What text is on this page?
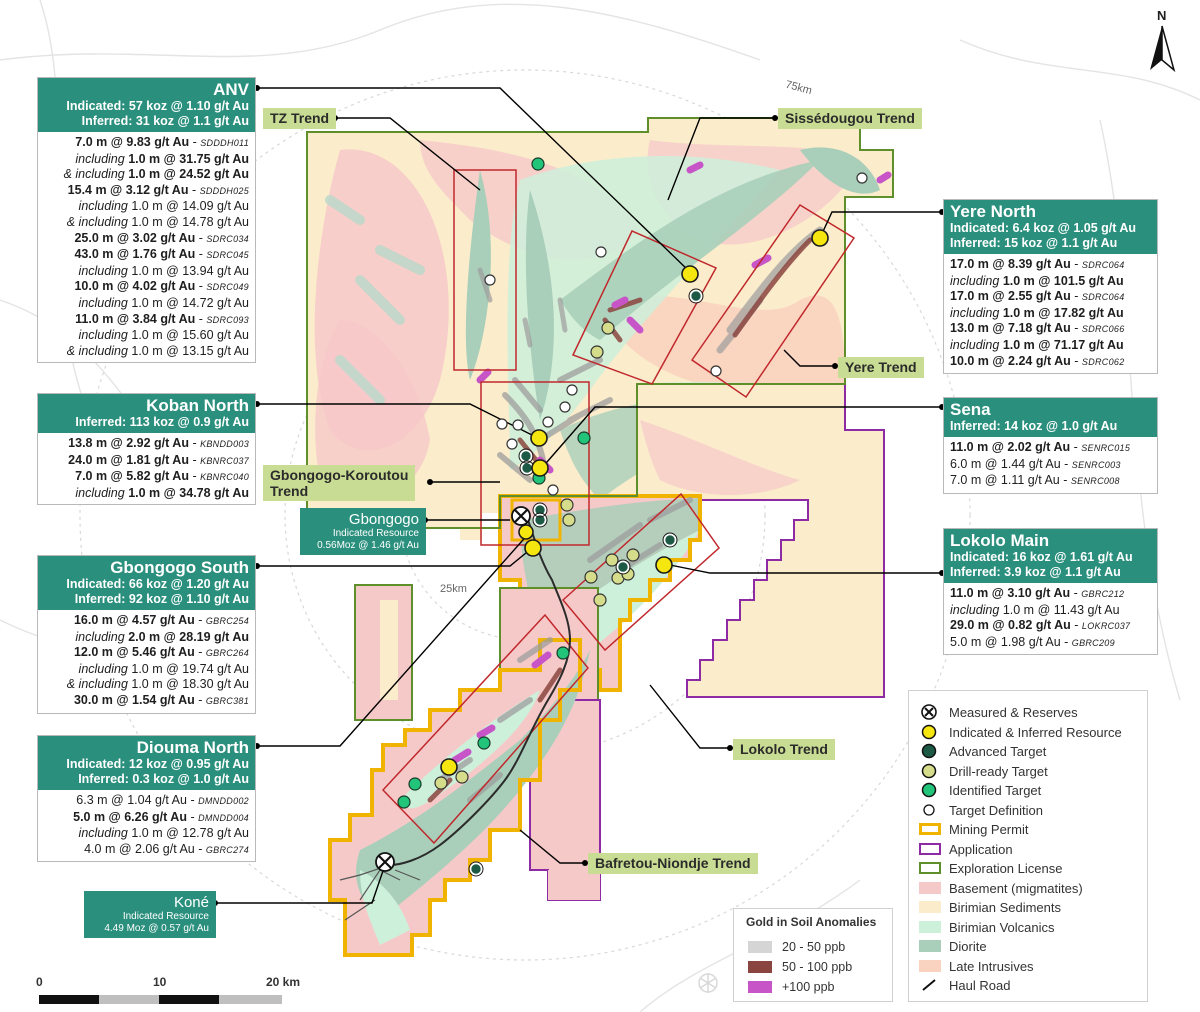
25km
75km
TZ Trend	Sissédougou Trend
Yere Trend
Gbongogo-Koroutou
Trend
Lokolo Trend
Bafretou-Niondje Trend
ANV
Indicated: 57 koz @ 1.10 g/t Au
Inferred: 31 koz @ 1.1 g/t Au
7.0 m @ 9.83 g/t Au - SDDDH011
including 1.0 m @ 31.75 g/t Au
& including 1.0 m @ 24.52 g/t Au
15.4 m @ 3.12 g/t Au - SDDDH025
including 1.0 m @ 14.09 g/t Au
& including 1.0 m @ 14.78 g/t Au
25.0 m @ 3.02 g/t Au - SDRC034
43.0 m @ 1.76 g/t Au - SDRC045
including 1.0 m @ 13.94 g/t Au
10.0 m @ 4.02 g/t Au - SDRC049
including 1.0 m @ 14.72 g/t Au
11.0 m @ 3.84 g/t Au - SDRC093
including 1.0 m @ 15.60 g/t Au
& including 1.0 m @ 13.15 g/t Au
Koban North
Inferred: 113 koz @ 0.9 g/t Au
13.8 m @ 2.92 g/t Au - KBNDD003
24.0 m @ 1.81 g/t Au - KBNRC037
7.0 m @ 5.82 g/t Au - KBNRC040
including 1.0 m @ 34.78 g/t Au
Gbongogo South
Indicated: 66 koz @ 1.20 g/t Au
Inferred: 92 koz @ 1.10 g/t Au
16.0 m @ 4.57 g/t Au - GBRC254
including 2.0 m @ 28.19 g/t Au
12.0 m @ 5.46 g/t Au - GBRC264
including 1.0 m @ 19.74 g/t Au
& including 1.0 m @ 18.30 g/t Au
30.0 m @ 1.54 g/t Au - GBRC381
Diouma North
Indicated: 12 koz @ 0.95 g/t Au
Inferred: 0.3 koz @ 1.0 g/t Au
6.3 m @ 1.04 g/t Au - DMNDD002
5.0 m @ 6.26 g/t Au - DMNDD004
including 1.0 m @ 12.78 g/t Au
4.0 m @ 2.06 g/t Au - GBRC274
Yere North
Indicated: 6.4 koz @ 1.05 g/t Au
Inferred: 15 koz @ 1.1 g/t Au
17.0 m @ 8.39 g/t Au - SDRC064
including 1.0 m @ 101.5 g/t Au
17.0 m @ 2.55 g/t Au - SDRC064
including 1.0 m @ 17.82 g/t Au
13.0 m @ 7.18 g/t Au - SDRC066
including 1.0 m @ 71.17 g/t Au
10.0 m @ 2.24 g/t Au - SDRC062
Sena
Inferred: 14 koz @ 1.0 g/t Au
11.0 m @ 2.02 g/t Au - SENRC015
6.0 m @ 1.44 g/t Au - SENRC003
7.0 m @ 1.11 g/t Au - SENRC008
Lokolo Main
Indicated: 16 koz @ 1.61 g/t Au
Inferred: 3.9 koz @ 1.1 g/t Au
11.0 m @ 3.10 g/t Au - GBRC212
including 1.0 m @ 11.43 g/t Au
29.0 m @ 0.82 g/t Au - LOKRC037
5.0 m @ 1.98 g/t Au - GBRC209
Gbongogo
Indicated Resource
0.56Moz @ 1.46 g/t Au
Koné
Indicated Resource
4.49 Moz @ 0.57 g/t Au
N
Measured & Reserves
Indicated & Inferred Resource
Advanced Target
Drill-ready Target
Identified Target
Target Definition
Mining Permit
Application
Exploration License
Basement (migmatites)
Birimian Sediments
Birimian Volcanics
Diorite
Late Intrusives
Haul Road
Gold in Soil Anomalies
20 - 50 ppb
50 - 100 ppb
+100 ppb
0	10	20 km
